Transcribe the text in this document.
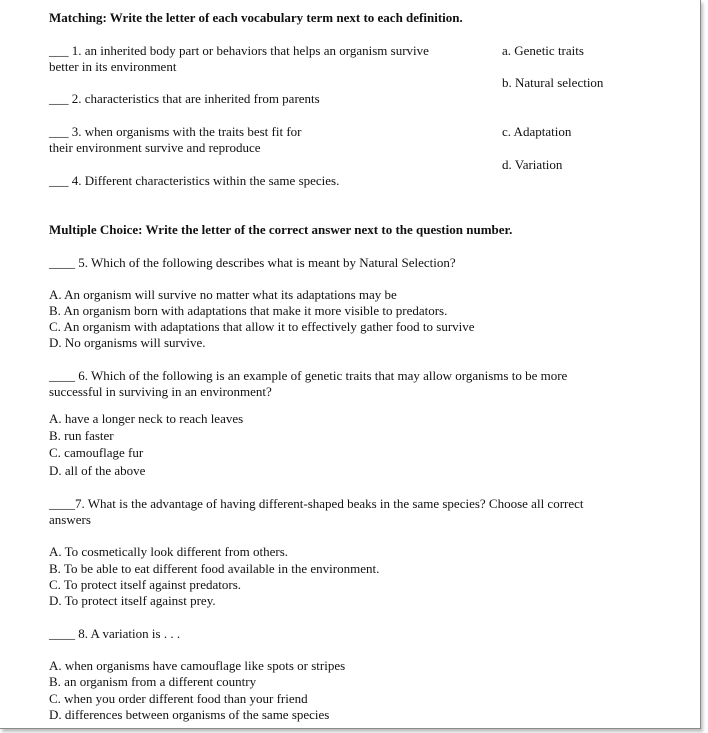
Matching: Write the letter of each vocabulary term next to each definition.
___ 1. an inherited body part or behaviors that helps an organism survive
better in its environment
___ 2. characteristics that are inherited from parents
___ 3. when organisms with the traits best fit for
their environment survive and reproduce
___ 4. Different characteristics within the same species.
a. Genetic traits
b. Natural selection
c. Adaptation
d. Variation
Multiple Choice: Write the letter of the correct answer next to the question number.
____ 5. Which of the following describes what is meant by Natural Selection?
A. An organism will survive no matter what its adaptations may be
B. An organism born with adaptations that make it more visible to predators.
C. An organism with adaptations that allow it to effectively gather food to survive
D. No organisms will survive.
____ 6. Which of the following is an example of genetic traits that may allow organisms to be more
successful in surviving in an environment?
A. have a longer neck to reach leaves
B. run faster
C. camouflage fur
D. all of the above
____7. What is the advantage of having different-shaped beaks in the same species? Choose all correct
answers
A. To cosmetically look different from others.
B. To be able to eat different food available in the environment.
C. To protect itself against predators.
D. To protect itself against prey.
____ 8. A variation is . . .
A. when organisms have camouflage like spots or stripes
B. an organism from a different country
C. when you order different food than your friend
D. differences between organisms of the same species
